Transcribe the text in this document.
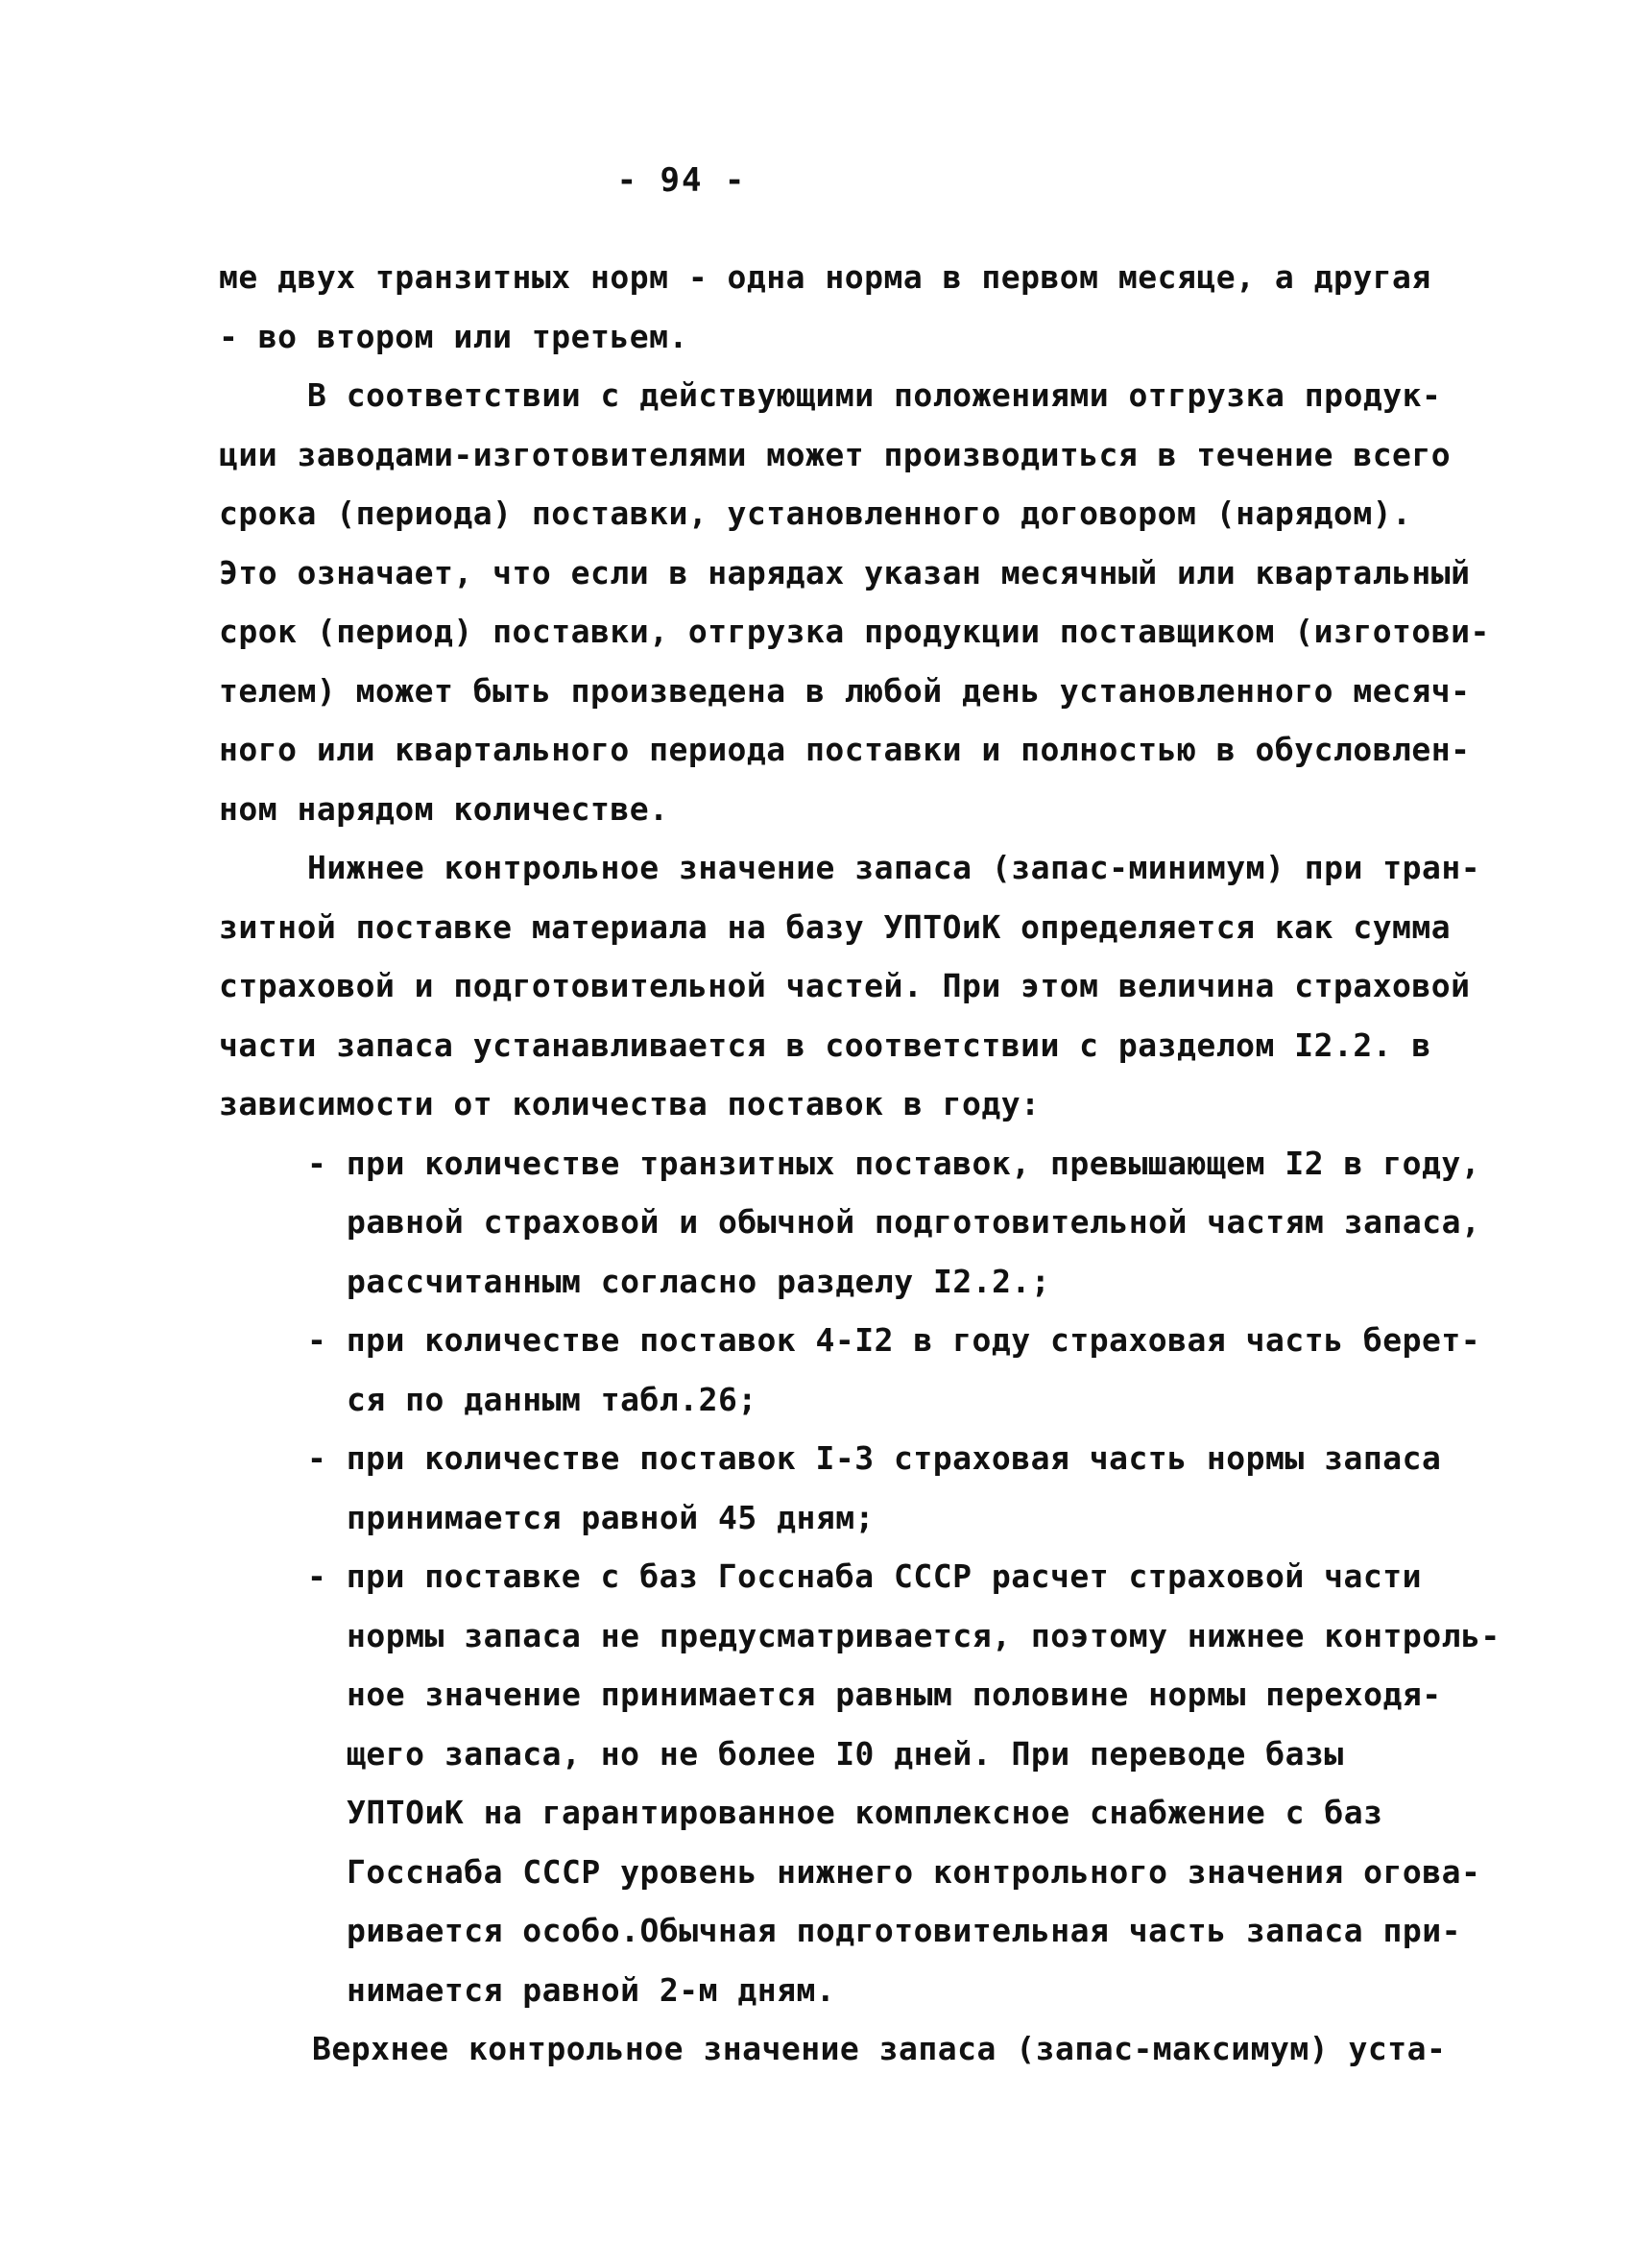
- 94 -
ме двух транзитных норм - одна норма в первом месяце, а другая
- во втором или третьем.
В соответствии с действующими положениями отгрузка продук-
ции заводами-изготовителями может производиться в течение всего
срока (периода) поставки, установленного договором (нарядом).
Это означает, что если в нарядах указан месячный или квартальный
срок (период) поставки, отгрузка продукции поставщиком (изготови-
телем) может быть произведена в любой день установленного месяч-
ного или квартального периода поставки и полностью в обусловлен-
ном нарядом количестве.
Нижнее контрольное значение запаса (запас-минимум) при тран-
зитной поставке материала на базу УПТОиК определяется как сумма
страховой и подготовительной частей. При этом величина страховой
части запаса устанавливается в соответствии с разделом I2.2. в
зависимости от количества поставок в году:
- при количестве транзитных поставок, превышающем I2 в году,
равной страховой и обычной подготовительной частям запаса,
рассчитанным согласно разделу I2.2.;
- при количестве поставок 4-I2 в году страховая часть берет-
ся по данным табл.26;
- при количестве поставок I-3 страховая часть нормы запаса
принимается равной 45 дням;
- при поставке с баз Госснаба СССР расчет страховой части
нормы запаса не предусматривается, поэтому нижнее контроль-
ное значение принимается равным половине нормы переходя-
щего запаса, но не более I0 дней. При переводе базы
УПТОиК на гарантированное комплексное снабжение с баз
Госснаба СССР уровень нижнего контрольного значения огова-
ривается особо.Обычная подготовительная часть запаса при-
нимается равной 2-м дням.
Верхнее контрольное значение запаса (запас-максимум) уста-
